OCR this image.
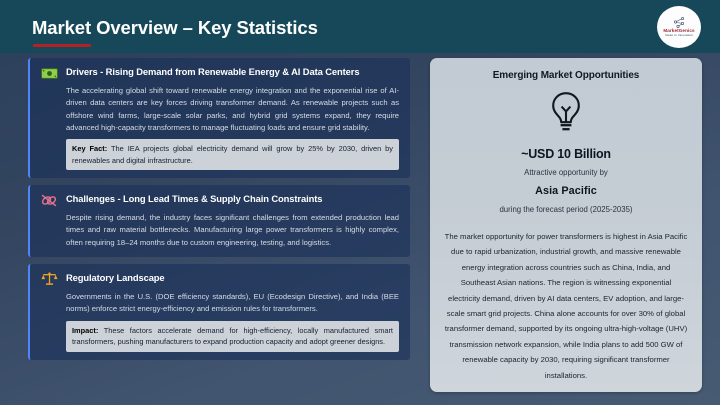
Market Overview – Key Statistics	MarketGenics
Ideas to Innovation
Drivers - Rising Demand from Renewable Energy & AI Data Centers
The accelerating global shift toward renewable energy integration and the exponential rise of AI-driven data centers are key forces driving transformer demand. As renewable projects such as offshore wind farms, large-scale solar parks, and hybrid grid systems expand, they require advanced high-capacity transformers to manage fluctuating loads and ensure grid stability.
Key Fact: The IEA projects global electricity demand will grow by 25% by 2030, driven by renewables and digital infrastructure.
Challenges - Long Lead Times & Supply Chain Constraints
Despite rising demand, the industry faces significant challenges from extended production lead times and raw material bottlenecks. Manufacturing large power transformers is highly complex, often requiring 18–24 months due to custom engineering, testing, and logistics.
Regulatory Landscape
Governments in the U.S. (DOE efficiency standards), EU (Ecodesign Directive), and India (BEE norms) enforce strict energy-efficiency and emission rules for transformers.
Impact: These factors accelerate demand for high-efficiency, locally manufactured smart transformers, pushing manufacturers to expand production capacity and adopt greener designs.
Emerging Market Opportunities
~USD 10 Billion
Attractive opportunity by
Asia Pacific
during the forecast period (2025-2035)
The market opportunity for power transformers is highest in Asia Pacific due to rapid urbanization, industrial growth, and massive renewable energy integration across countries such as China, India, and Southeast Asian nations. The region is witnessing exponential electricity demand, driven by AI data centers, EV adoption, and large-scale smart grid projects. China alone accounts for over 30% of global transformer demand, supported by its ongoing ultra-high-voltage (UHV) transmission network expansion, while India plans to add 500 GW of renewable capacity by 2030, requiring significant transformer installations.
